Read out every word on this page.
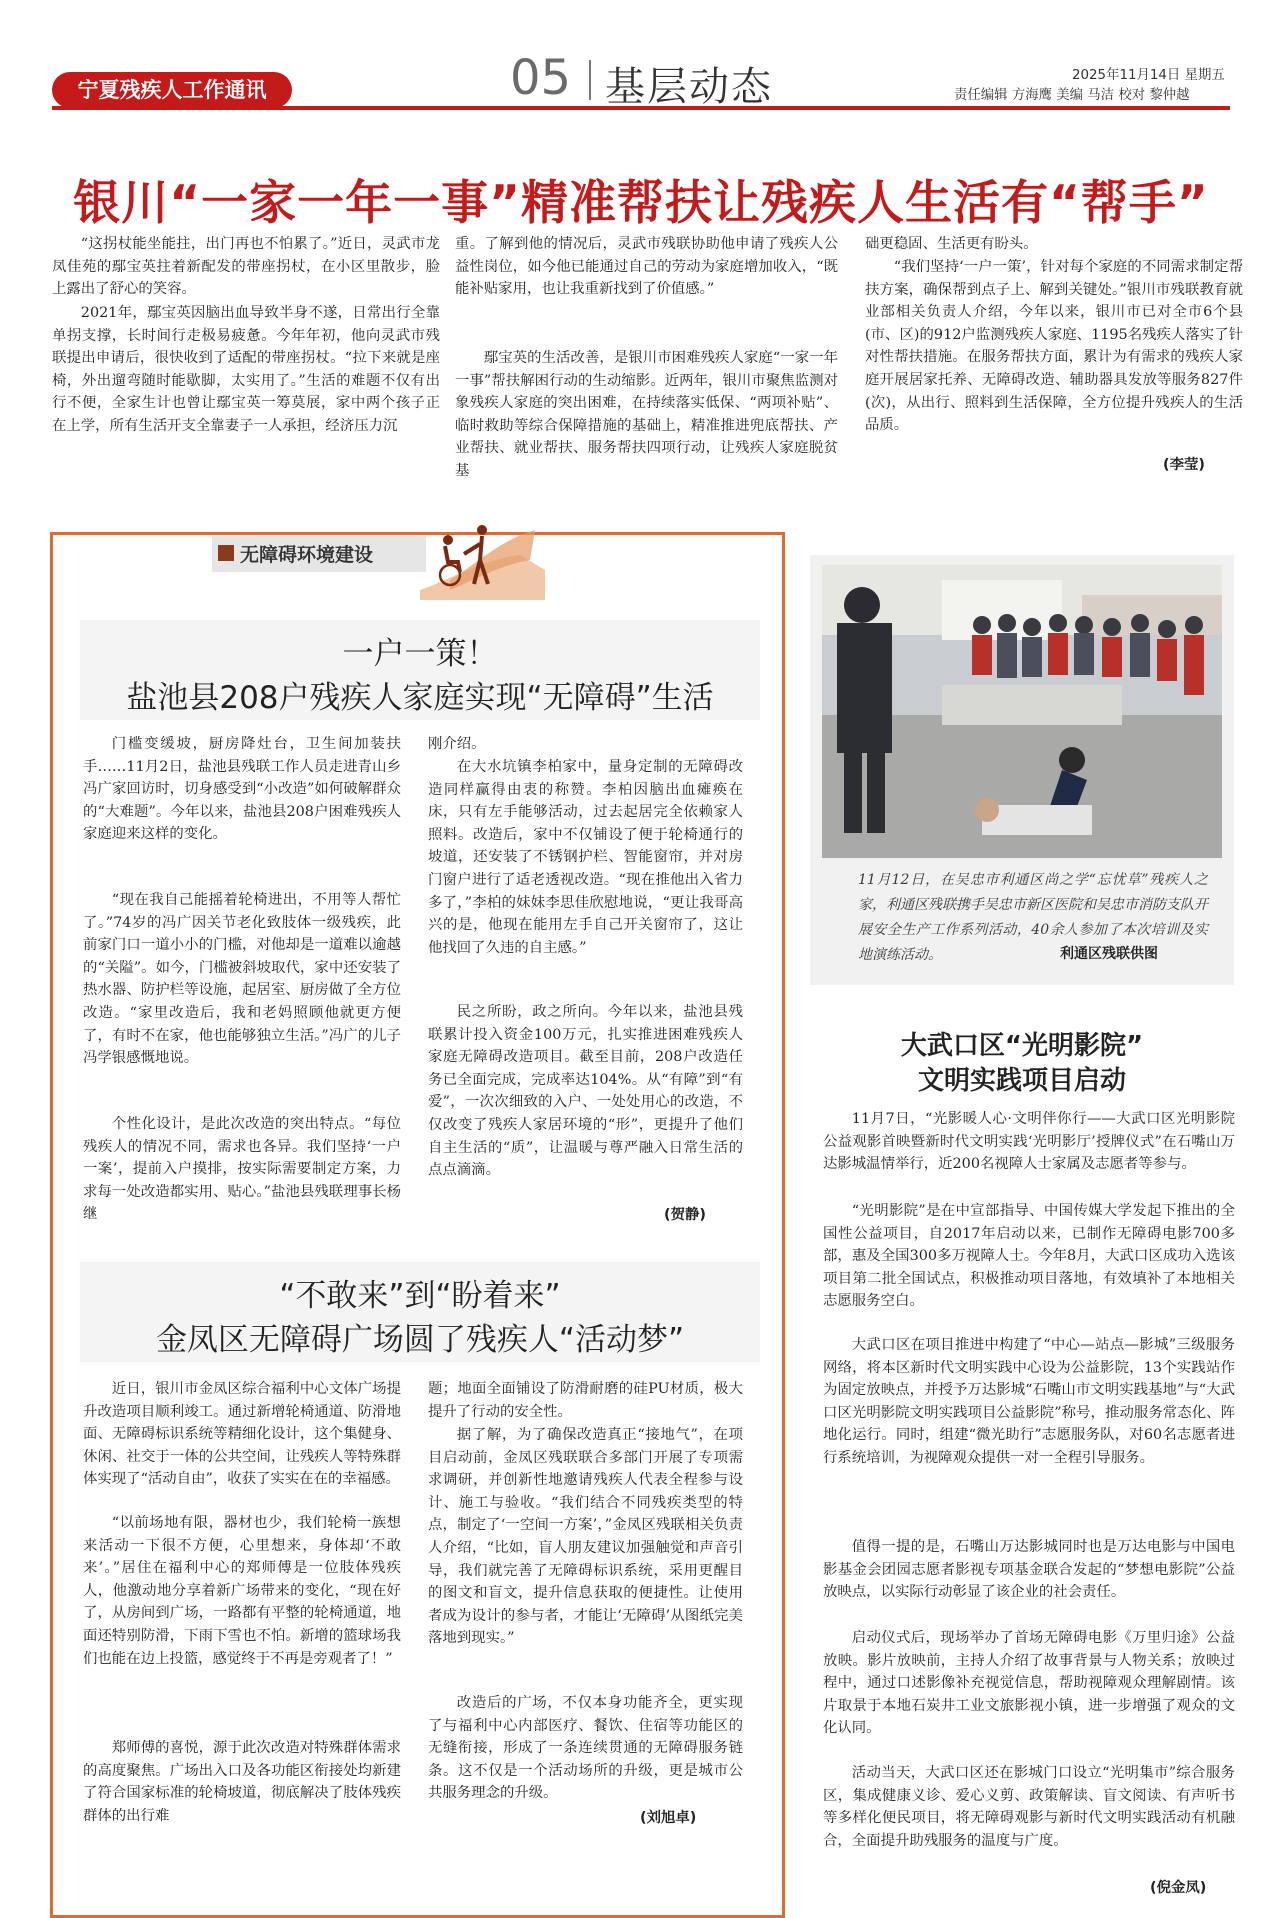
宁夏残疾人工作通讯	05 基层动态	2025年11月14日 星期五
责任编辑 方海鹰 美编 马洁 校对 黎仲越
银川“一家一年一事”精准帮扶让残疾人生活有“帮手”

“这拐杖能坐能拄，出门再也不怕累了。”近日，灵武市龙凤佳苑的鄢宝英拄着新配发的带座拐杖，在小区里散步，脸上露出了舒心的笑容。

2021年，鄢宝英因脑出血导致半身不遂，日常出行全靠单拐支撑，长时间行走极易疲惫。今年年初，他向灵武市残联提出申请后，很快收到了适配的带座拐杖。“拉下来就是座椅，外出遛弯随时能歇脚，太实用了。”生活的难题不仅有出行不便，全家生计也曾让鄢宝英一筹莫展，家中两个孩子正在上学，所有生活开支全靠妻子一人承担，经济压力沉

重。了解到他的情况后，灵武市残联协助他申请了残疾人公益性岗位，如今他已能通过自己的劳动为家庭增加收入，“既能补贴家用，也让我重新找到了价值感。”

鄢宝英的生活改善，是银川市困难残疾人家庭“一家一年一事”帮扶解困行动的生动缩影。近两年，银川市聚焦监测对象残疾人家庭的突出困难，在持续落实低保、“两项补贴”、临时救助等综合保障措施的基础上，精准推进兜底帮扶、产业帮扶、就业帮扶、服务帮扶四项行动，让残疾人家庭脱贫基

础更稳固、生活更有盼头。

“我们坚持‘一户一策’，针对每个家庭的不同需求制定帮扶方案，确保帮到点子上、解到关键处。”银川市残联教育就业部相关负责人介绍，今年以来，银川市已对全市6个县(市、区)的912户监测残疾人家庭、1195名残疾人落实了针对性帮扶措施。在服务帮扶方面，累计为有需求的残疾人家庭开展居家托养、无障碍改造、辅助器具发放等服务827件(次)，从出行、照料到生活保障，全方位提升残疾人的生活品质。

(李莹)
无障碍环境建设
一户一策！
盐池县208户残疾人家庭实现“无障碍”生活

门槛变缓坡，厨房降灶台，卫生间加装扶手……11月2日，盐池县残联工作人员走进青山乡冯广家回访时，切身感受到“小改造”如何破解群众的“大难题”。今年以来，盐池县208户困难残疾人家庭迎来这样的变化。

“现在我自己能摇着轮椅进出，不用等人帮忙了。”74岁的冯广因关节老化致肢体一级残疾，此前家门口一道小小的门槛，对他却是一道难以逾越的“关隘”。如今，门槛被斜坡取代，家中还安装了热水器、防护栏等设施，起居室、厨房做了全方位改造。“家里改造后，我和老妈照顾他就更方便了，有时不在家，他也能够独立生活。”冯广的儿子冯学银感慨地说。

个性化设计，是此次改造的突出特点。“每位残疾人的情况不同，需求也各异。我们坚持‘一户一案’，提前入户摸排，按实际需要制定方案，力求每一处改造都实用、贴心。”盐池县残联理事长杨继

刚介绍。

在大水坑镇李柏家中，量身定制的无障碍改造同样赢得由衷的称赞。李柏因脑出血瘫痪在床，只有左手能够活动，过去起居完全依赖家人照料。改造后，家中不仅铺设了便于轮椅通行的坡道，还安装了不锈钢护栏、智能窗帘，并对房门窗户进行了适老透视改造。“现在推他出入省力多了，”李柏的妹妹李思佳欣慰地说，“更让我哥高兴的是，他现在能用左手自己开关窗帘了，这让他找回了久违的自主感。”

民之所盼，政之所向。今年以来，盐池县残联累计投入资金100万元，扎实推进困难残疾人家庭无障碍改造项目。截至目前，208户改造任务已全面完成，完成率达104%。从“有障”到“有爱”，一次次细致的入户、一处处用心的改造，不仅改变了残疾人家居环境的“形”，更提升了他们自主生活的“质”，让温暖与尊严融入日常生活的点点滴滴。

(贺静)
“不敢来”到“盼着来”
金凤区无障碍广场圆了残疾人“活动梦”

近日，银川市金凤区综合福利中心文体广场提升改造项目顺利竣工。通过新增轮椅通道、防滑地面、无障碍标识系统等精细化设计，这个集健身、休闲、社交于一体的公共空间，让残疾人等特殊群体实现了“活动自由”，收获了实实在在的幸福感。

“以前场地有限，器材也少，我们轮椅一族想来活动一下很不方便，心里想来，身体却‘不敢来’。”居住在福利中心的郑师傅是一位肢体残疾人，他激动地分享着新广场带来的变化，“现在好了，从房间到广场，一路都有平整的轮椅通道，地面还特别防滑，下雨下雪也不怕。新增的篮球场我们也能在边上投篮，感觉终于不再是旁观者了！”

郑师傅的喜悦，源于此次改造对特殊群体需求的高度聚焦。广场出入口及各功能区衔接处均新建了符合国家标准的轮椅坡道，彻底解决了肢体残疾群体的出行难

题；地面全面铺设了防滑耐磨的硅PU材质，极大提升了行动的安全性。

据了解，为了确保改造真正“接地气”，在项目启动前，金凤区残联联合多部门开展了专项需求调研，并创新性地邀请残疾人代表全程参与设计、施工与验收。“我们结合不同残疾类型的特点，制定了‘一空间一方案’，”金凤区残联相关负责人介绍，“比如，盲人朋友建议加强触觉和声音引导，我们就完善了无障碍标识系统，采用更醒目的图文和盲文，提升信息获取的便捷性。让使用者成为设计的参与者，才能让‘无障碍’从图纸完美落地到现实。”

改造后的广场，不仅本身功能齐全，更实现了与福利中心内部医疗、餐饮、住宿等功能区的无缝衔接，形成了一条连续贯通的无障碍服务链条。这不仅是一个活动场所的升级，更是城市公共服务理念的升级。

(刘旭卓)
11月12日，在吴忠市利通区尚之学“忘忧草”残疾人之家，利通区残联携手吴忠市新区医院和吴忠市消防支队开展安全生产工作系列活动，40余人参加了本次培训及实地演练活动。	利通区残联供图
大武口区“光明影院”
文明实践项目启动

11月7日，“光影暖人心·文明伴你行——大武口区光明影院公益观影首映暨新时代文明实践‘光明影厅’授牌仪式”在石嘴山万达影城温情举行，近200名视障人士家属及志愿者等参与。

“光明影院”是在中宣部指导、中国传媒大学发起下推出的全国性公益项目，自2017年启动以来，已制作无障碍电影700多部，惠及全国300多万视障人士。今年8月，大武口区成功入选该项目第二批全国试点，积极推动项目落地，有效填补了本地相关志愿服务空白。

大武口区在项目推进中构建了“中心—站点—影城”三级服务网络，将本区新时代文明实践中心设为公益影院，13个实践站作为固定放映点，并授予万达影城“石嘴山市文明实践基地”与“大武口区光明影院文明实践项目公益影院”称号，推动服务常态化、阵地化运行。同时，组建“微光助行”志愿服务队，对60名志愿者进行系统培训，为视障观众提供一对一全程引导服务。

值得一提的是，石嘴山万达影城同时也是万达电影与中国电影基金会团园志愿者影视专项基金联合发起的“梦想电影院”公益放映点，以实际行动彰显了该企业的社会责任。

启动仪式后，现场举办了首场无障碍电影《万里归途》公益放映。影片放映前，主持人介绍了故事背景与人物关系；放映过程中，通过口述影像补充视觉信息，帮助视障观众理解剧情。该片取景于本地石炭井工业文旅影视小镇，进一步增强了观众的文化认同。

活动当天，大武口区还在影城门口设立“光明集市”综合服务区，集成健康义诊、爱心义剪、政策解读、盲文阅读、有声听书等多样化便民项目，将无障碍观影与新时代文明实践活动有机融合，全面提升助残服务的温度与广度。

(倪金凤)
